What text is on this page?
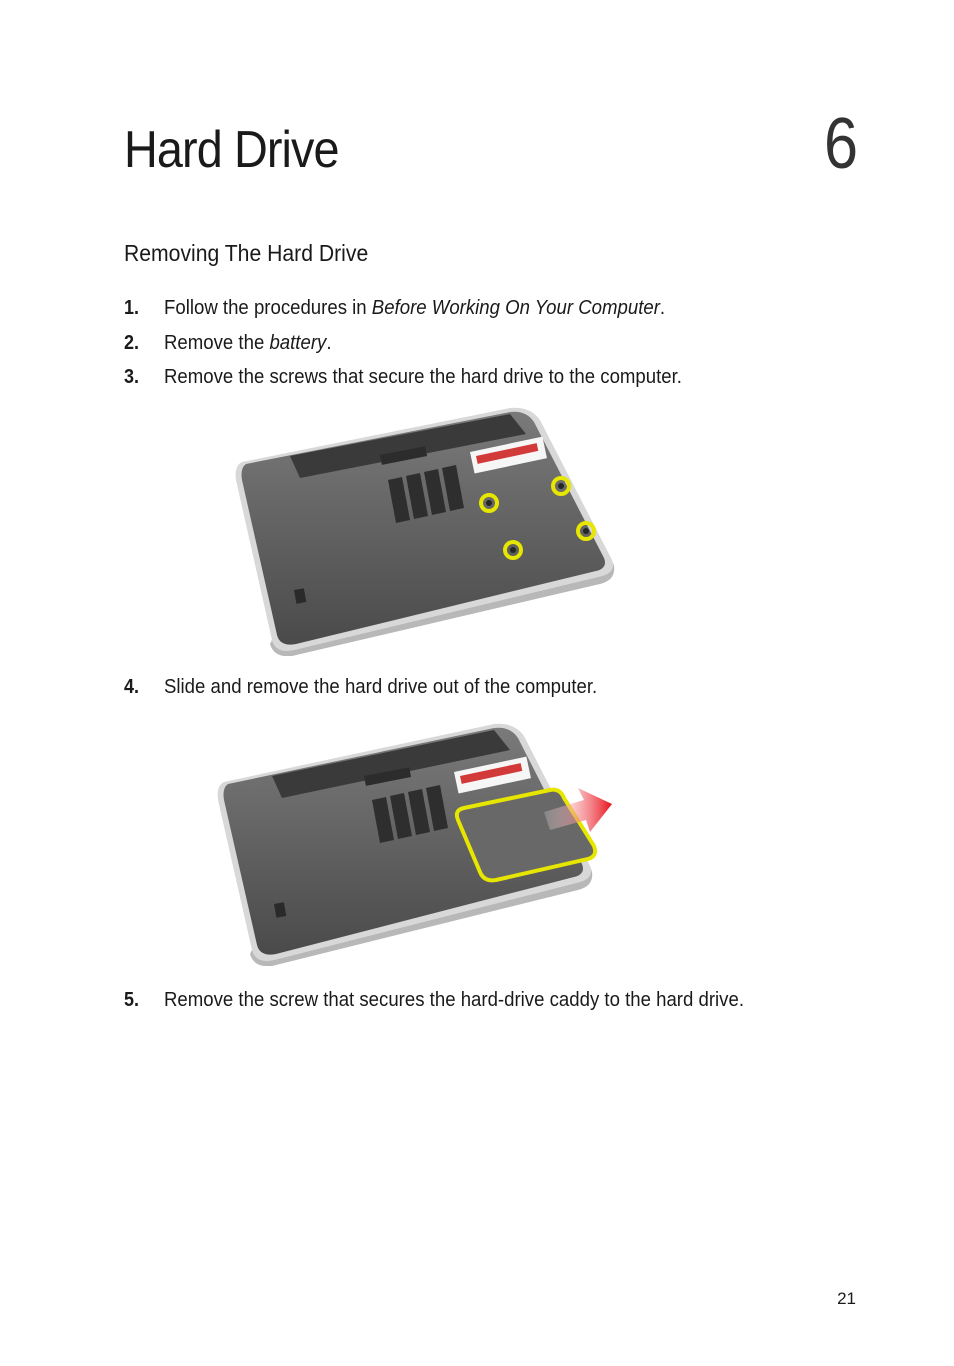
Hard Drive	6
Removing The Hard Drive
1. Follow the procedures in Before Working On Your Computer.
2. Remove the battery.
3. Remove the screws that secure the hard drive to the computer.
4. Slide and remove the hard drive out of the computer.
5. Remove the screw that secures the hard-drive caddy to the hard drive.
21
